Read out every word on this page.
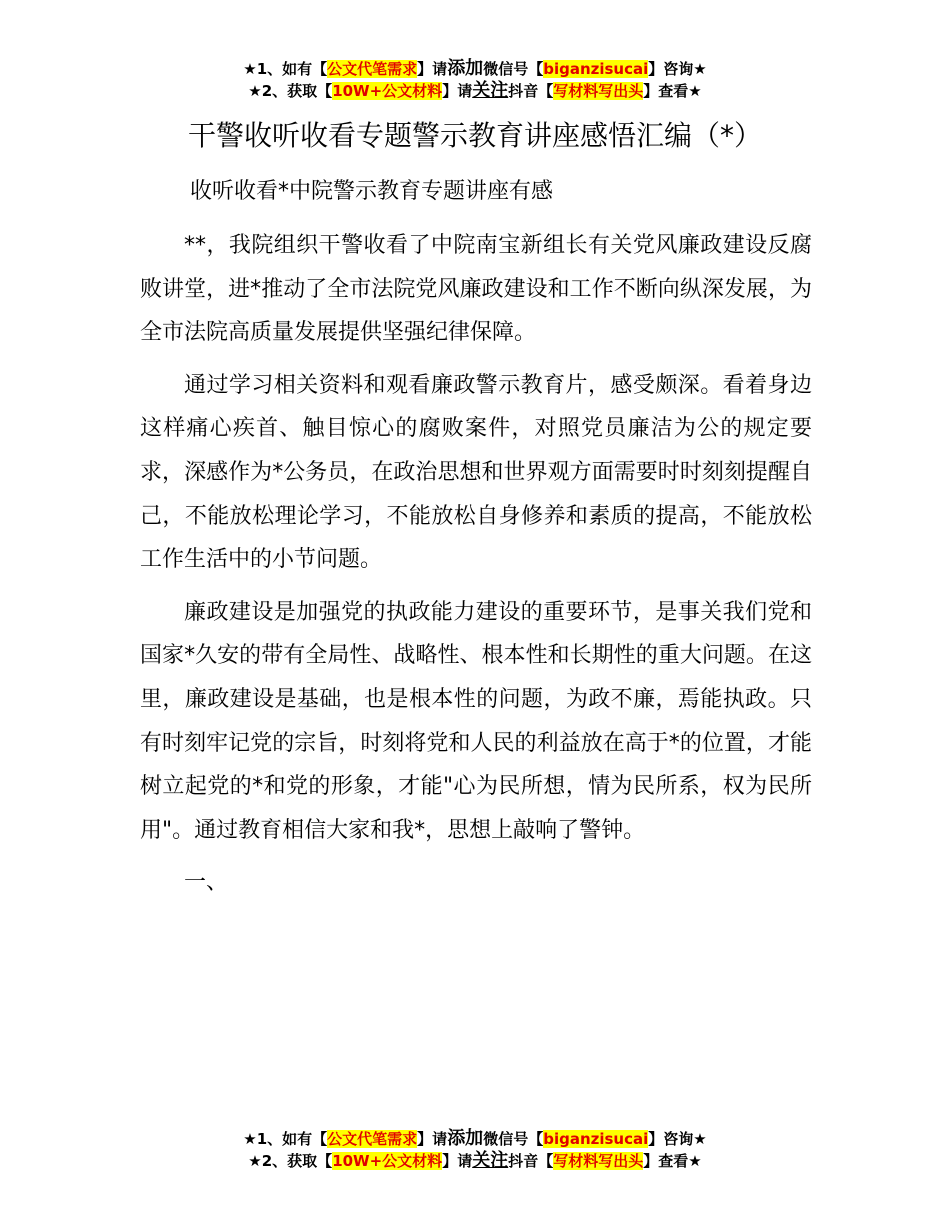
★1、如有【公文代笔需求】请添加微信号【biganzisucai】咨询★
★2、获取【10W+公文材料】请关注抖音【写材料写出头】查看★
干警收听收看专题警示教育讲座感悟汇编（*）
收听收看*中院警示教育专题讲座有感

**，我院组织干警收看了中院南宝新组长有关党风廉政建设反腐败讲堂，进*推动了全市法院党风廉政建设和工作不断向纵深发展，为全市法院高质量发展提供坚强纪律保障。

通过学习相关资料和观看廉政警示教育片，感受颇深。看着身边这样痛心疾首、触目惊心的腐败案件，对照党员廉洁为公的规定要求，深感作为*公务员，在政治思想和世界观方面需要时时刻刻提醒自己，不能放松理论学习，不能放松自身修养和素质的提高，不能放松工作生活中的小节问题。

廉政建设是加强党的执政能力建设的重要环节，是事关我们党和国家*久安的带有全局性、战略性、根本性和长期性的重大问题。在这里，廉政建设是基础，也是根本性的问题，为政不廉，焉能执政。只有时刻牢记党的宗旨，时刻将党和人民的利益放在高于*的位置，才能树立起党的*和党的形象，才能"心为民所想，情为民所系，权为民所用"。通过教育相信大家和我*，思想上敲响了警钟。

一、

★1、如有【公文代笔需求】请添加微信号【biganzisucai】咨询★
★2、获取【10W+公文材料】请关注抖音【写材料写出头】查看★
